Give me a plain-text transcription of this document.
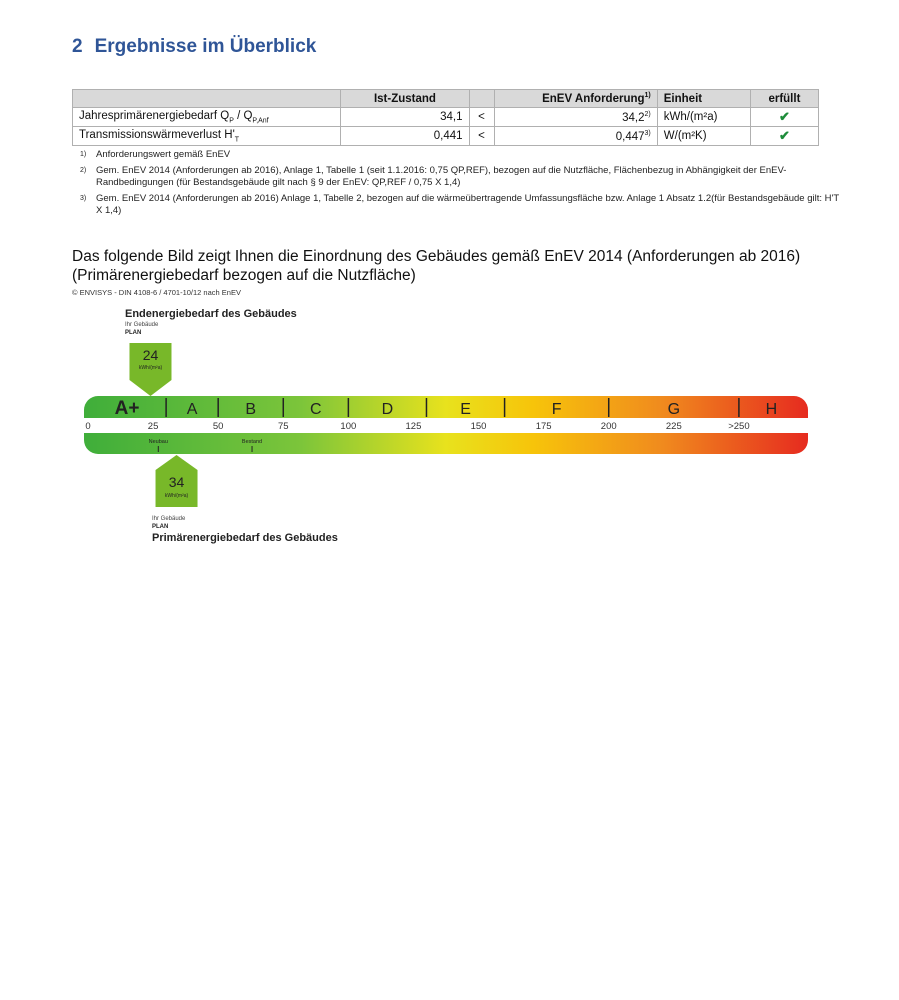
2 Ergebnisse im Überblick
	Ist-Zustand		EnEV Anforderung$^{1)}$	Einheit	erfüllt
Jahresprimärenergiebedarf $Q_P / Q_{P,Anf}$	34,1	<	$34,2^{2)}$	kWh/(m²a)	✔
Transmissionswärmeverlust $H'_T$	0,441	<	$0,447^{3)}$	W/(m²K)	✔
1)	Anforderungswert gemäß EnEV
2)	Gem. EnEV 2014 (Anforderungen ab 2016), Anlage 1, Tabelle 1 (seit 1.1.2016: 0,75 QP,REF), bezogen auf die Nutzfläche, Flächenbezug in Abhängigkeit der EnEV-Randbedingungen (für Bestandsgebäude gilt nach § 9 der EnEV: QP,REF / 0,75 X 1,4)
3)	Gem. EnEV 2014 (Anforderungen ab 2016) Anlage 1, Tabelle 2, bezogen auf die wärmeübertragende Umfassungsfläche bzw. Anlage 1 Absatz 1.2(für Bestandsgebäude gilt: H'T X 1,4)
Das folgende Bild zeigt Ihnen die Einordnung des Gebäudes gemäß EnEV 2014 (Anforderungen ab 2016) (Primärenergiebedarf bezogen auf die Nutzfläche)
© ENVISYS - DIN 4108-6 / 4701-10/12 nach EnEV
Endenergiebedarf des Gebäudes
Ihr Gebäude
PLAN
24
kWh/(m²a)
A+	A	B	C	D	E	F	G	H
0	25	50	75	100	125	150	175	200	225	>250
Neubau	Bestand
34
kWh/(m²a)
Ihr Gebäude
PLAN
Primärenergiebedarf des Gebäudes
